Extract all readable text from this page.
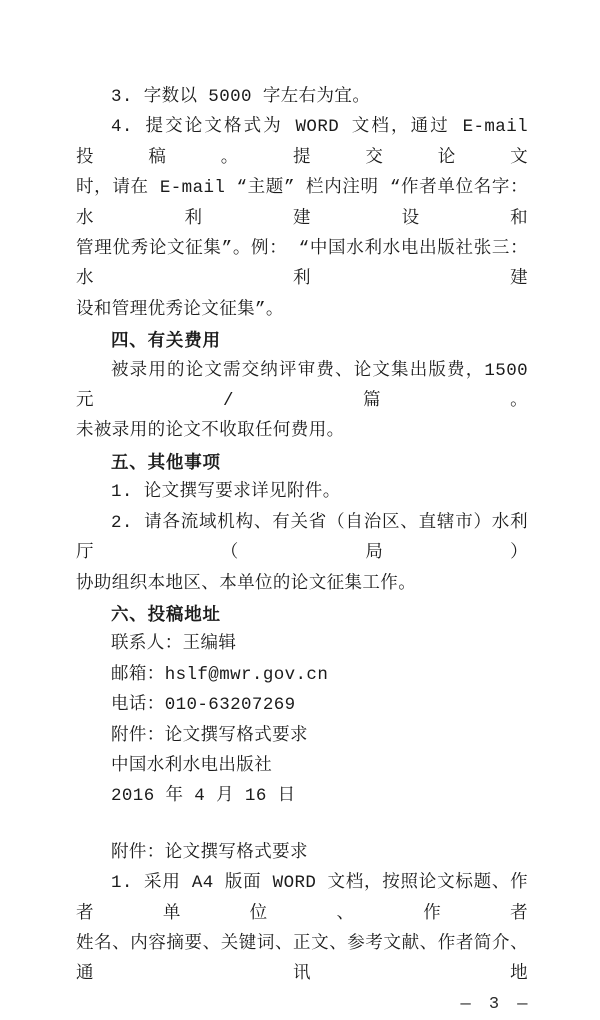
3. 字数以 5000 字左右为宜。
4. 提交论文格式为 WORD 文档，通过 E-mail 投稿。提交论文
时，请在 E-mail “主题” 栏内注明 “作者单位名字：水利建设和
管理优秀论文征集”。例： “中国水利水电出版社张三：水利建
设和管理优秀论文征集”。
四、有关费用
被录用的论文需交纳评审费、论文集出版费，1500 元/篇。
未被录用的论文不收取任何费用。
五、其他事项
1. 论文撰写要求详见附件。
2. 请各流域机构、有关省（自治区、直辖市）水利厅（局）
协助组织本地区、本单位的论文征集工作。
六、投稿地址
联系人：王编辑
邮箱：hslf@mwr.gov.cn
电话：010-63207269
附件：论文撰写格式要求
中国水利水电出版社
2016 年 4 月 16 日
附件：论文撰写格式要求
1. 采用 A4 版面 WORD 文档，按照论文标题、作者单位、作者
姓名、内容摘要、关键词、正文、参考文献、作者简介、通讯地
— 3 —
